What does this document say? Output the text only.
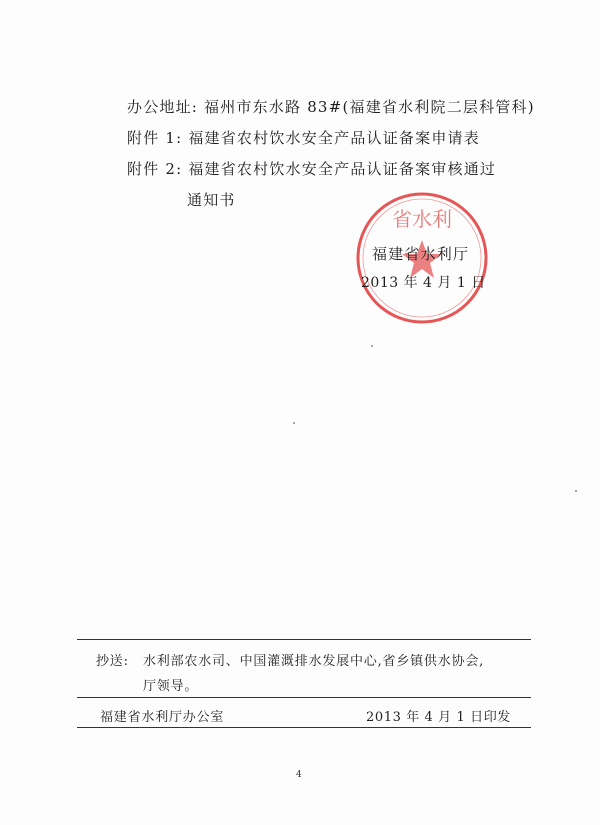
办公地址: 福州市东水路 83#(福建省水利院二层科管科)
附件 1: 福建省农村饮水安全产品认证备案申请表
附件 2: 福建省农村饮水安全产品认证备案审核通过
通知书
省水利
福建省水利厅
2013 年 4 月 1 日
抄送: 水利部农水司、中国灌溉排水发展中心,省乡镇供水协会,
厅领导。
福建省水利厅办公室	2013 年 4 月 1 日印发
4
